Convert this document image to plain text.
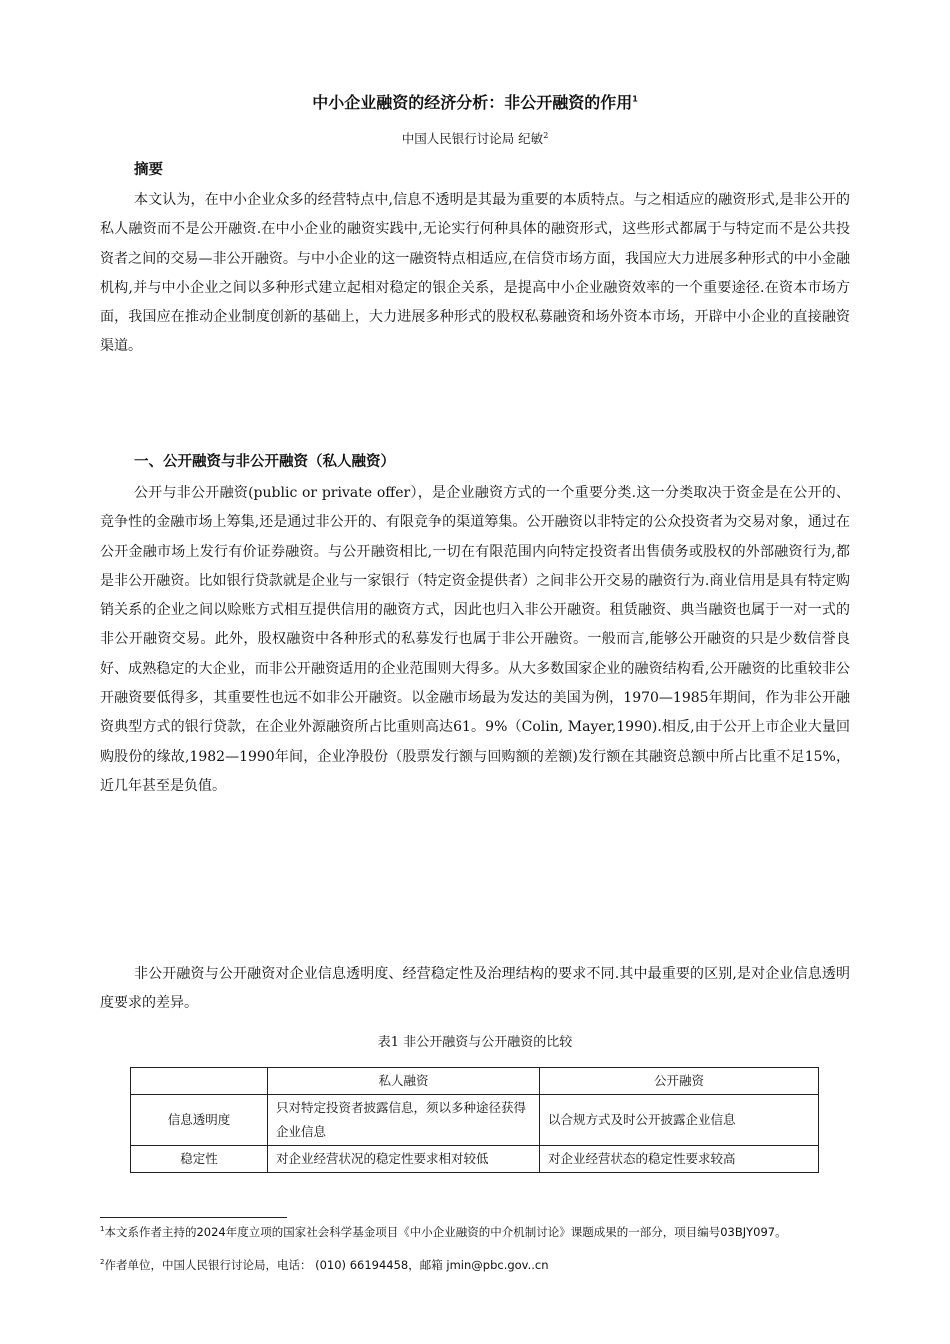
中小企业融资的经济分析：非公开融资的作用$^1$
中国人民银行讨论局 纪敏$^2$
摘要

本文认为，在中小企业众多的经营特点中,信息不透明是其最为重要的本质特点。与之相适应的融资形式,是非公开的私人融资而不是公开融资.在中小企业的融资实践中,无论实行何种具体的融资形式，这些形式都属于与特定而不是公共投资者之间的交易—非公开融资。与中小企业的这一融资特点相适应,在信贷市场方面，我国应大力进展多种形式的中小金融机构,并与中小企业之间以多种形式建立起相对稳定的银企关系，是提高中小企业融资效率的一个重要途径.在资本市场方面，我国应在推动企业制度创新的基础上，大力进展多种形式的股权私募融资和场外资本市场，开辟中小企业的直接融资渠道。

一、公开融资与非公开融资（私人融资）

公开与非公开融资(public or private offer），是企业融资方式的一个重要分类.这一分类取决于资金是在公开的、竞争性的金融市场上筹集,还是通过非公开的、有限竞争的渠道筹集。公开融资以非特定的公众投资者为交易对象，通过在公开金融市场上发行有价证券融资。与公开融资相比,一切在有限范围内向特定投资者出售债务或股权的外部融资行为,都是非公开融资。比如银行贷款就是企业与一家银行（特定资金提供者）之间非公开交易的融资行为.商业信用是具有特定购销关系的企业之间以赊账方式相互提供信用的融资方式，因此也归入非公开融资。租赁融资、典当融资也属于一对一式的非公开融资交易。此外，股权融资中各种形式的私募发行也属于非公开融资。一般而言,能够公开融资的只是少数信誉良好、成熟稳定的大企业，而非公开融资适用的企业范围则大得多。从大多数国家企业的融资结构看,公开融资的比重较非公开融资要低得多，其重要性也远不如非公开融资。以金融市场最为发达的美国为例，1970—1985年期间，作为非公开融资典型方式的银行贷款，在企业外源融资所占比重则高达61。9%（Colin, Mayer,1990).相反,由于公开上市企业大量回购股份的缘故,1982—1990年间，企业净股份（股票发行额与回购额的差额)发行额在其融资总额中所占比重不足15%，近几年甚至是负值。

非公开融资与公开融资对企业信息透明度、经营稳定性及治理结构的要求不同.其中最重要的区别,是对企业信息透明度要求的差异。

表1 非公开融资与公开融资的比较
	私人融资	公开融资
信息透明度	只对特定投资者披露信息，须以多种途径获得企业信息	以合规方式及时公开披露企业信息
稳定性	对企业经营状况的稳定性要求相对较低	对企业经营状态的稳定性要求较高
$^1$本文系作者主持的2024年度立项的国家社会科学基金项目《中小企业融资的中介机制讨论》课题成果的一部分，项目编号03BJY097。
$^2$作者单位，中国人民银行讨论局，电话： (010) 66194458，邮箱 jmin@pbc.gov..cn
